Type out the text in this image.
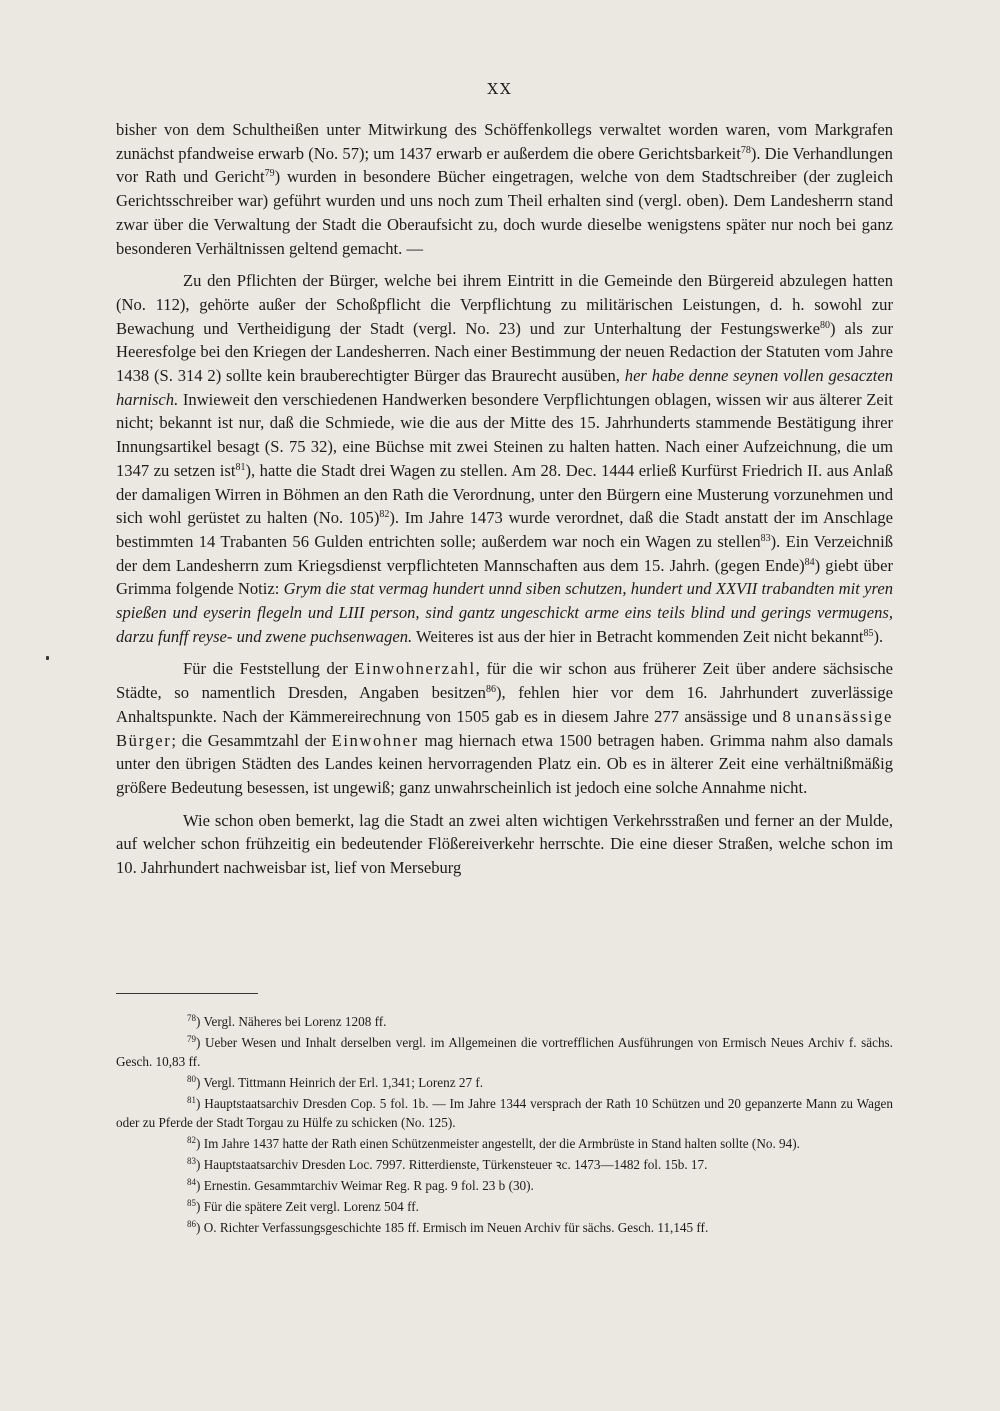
XX

bisher von dem Schultheißen unter Mitwirkung des Schöffenkollegs verwaltet worden waren, vom Markgrafen zunächst pfandweise erwarb (No. 57); um 1437 erwarb er außerdem die obere Gerichtsbarkeit$^{78}$). Die Verhandlungen vor Rath und Gericht$^{79}$) wurden in besondere Bücher eingetragen, welche von dem Stadtschreiber (der zugleich Gerichtsschreiber war) geführt wurden und uns noch zum Theil erhalten sind (vergl. oben). Dem Landesherrn stand zwar über die Verwaltung der Stadt die Oberaufsicht zu, doch wurde dieselbe wenigstens später nur noch bei ganz besonderen Verhältnissen geltend gemacht. —

Zu den Pflichten der Bürger, welche bei ihrem Eintritt in die Gemeinde den Bürgereid abzulegen hatten (No. 112), gehörte außer der Schoßpflicht die Verpflichtung zu militärischen Leistungen, d. h. sowohl zur Bewachung und Vertheidigung der Stadt (vergl. No. 23) und zur Unterhaltung der Festungswerke$^{80}$) als zur Heeresfolge bei den Kriegen der Landesherren. Nach einer Bestimmung der neuen Redaction der Statuten vom Jahre 1438 (S. 314 2) sollte kein brauberechtigter Bürger das Braurecht ausüben, her habe denne seynen vollen gesaczten harnisch. Inwieweit den verschiedenen Handwerken besondere Verpflichtungen oblagen, wissen wir aus älterer Zeit nicht; bekannt ist nur, daß die Schmiede, wie die aus der Mitte des 15. Jahrhunderts stammende Bestätigung ihrer Innungsartikel besagt (S. 75 32), eine Büchse mit zwei Steinen zu halten hatten. Nach einer Aufzeichnung, die um 1347 zu setzen ist$^{81}$), hatte die Stadt drei Wagen zu stellen. Am 28. Dec. 1444 erließ Kurfürst Friedrich II. aus Anlaß der damaligen Wirren in Böhmen an den Rath die Verordnung, unter den Bürgern eine Musterung vorzunehmen und sich wohl gerüstet zu halten (No. 105)$^{82}$). Im Jahre 1473 wurde verordnet, daß die Stadt anstatt der im Anschlage bestimmten 14 Trabanten 56 Gulden entrichten solle; außerdem war noch ein Wagen zu stellen$^{83}$). Ein Verzeichniß der dem Landesherrn zum Kriegsdienst verpflichteten Mannschaften aus dem 15. Jahrh. (gegen Ende)$^{84}$) giebt über Grimma folgende Notiz: Grym die stat vermag hundert unnd siben schutzen, hundert und XXVII trabandten mit yren spießen und eyserin flegeln und LIII person, sind gantz ungeschickt arme eins teils blind und gerings vermugens, darzu funff reyse- und zwene puchsenwagen. Weiteres ist aus der hier in Betracht kommenden Zeit nicht bekannt$^{85}$).

Für die Feststellung der Einwohnerzahl, für die wir schon aus früherer Zeit über andere sächsische Städte, so namentlich Dresden, Angaben besitzen$^{86}$), fehlen hier vor dem 16. Jahrhundert zuverlässige Anhaltspunkte. Nach der Kämmereirechnung von 1505 gab es in diesem Jahre 277 ansässige und 8 unansässige Bürger; die Gesammtzahl der Einwohner mag hiernach etwa 1500 betragen haben. Grimma nahm also damals unter den übrigen Städten des Landes keinen hervorragenden Platz ein. Ob es in älterer Zeit eine verhältnißmäßig größere Bedeutung besessen, ist ungewiß; ganz unwahrscheinlich ist jedoch eine solche Annahme nicht.

Wie schon oben bemerkt, lag die Stadt an zwei alten wichtigen Verkehrsstraßen und ferner an der Mulde, auf welcher schon frühzeitig ein bedeutender Flößereiverkehr herrschte. Die eine dieser Straßen, welche schon im 10. Jahrhundert nachweisbar ist, lief von Merseburg

$^{78}$) Vergl. Näheres bei Lorenz 1208 ff.
$^{79}$) Ueber Wesen und Inhalt derselben vergl. im Allgemeinen die vortrefflichen Ausführungen von Ermisch Neues Archiv f. sächs. Gesch. 10,83 ff.
$^{80}$) Vergl. Tittmann Heinrich der Erl. 1,341; Lorenz 27 f.
$^{81}$) Hauptstaatsarchiv Dresden Cop. 5 fol. 1b. — Im Jahre 1344 versprach der Rath 10 Schützen und 20 gepanzerte Mann zu Wagen oder zu Pferde der Stadt Torgau zu Hülfe zu schicken (No. 125).
$^{82}$) Im Jahre 1437 hatte der Rath einen Schützenmeister angestellt, der die Armbrüste in Stand halten sollte (No. 94).
$^{83}$) Hauptstaatsarchiv Dresden Loc. 7997. Ritterdienste, Türkensteuer ꝛc. 1473—1482 fol. 15b. 17.
$^{84}$) Ernestin. Gesammtarchiv Weimar Reg. R pag. 9 fol. 23 b (30).
$^{85}$) Für die spätere Zeit vergl. Lorenz 504 ff.
$^{86}$) O. Richter Verfassungsgeschichte 185 ff. Ermisch im Neuen Archiv für sächs. Gesch. 11,145 ff.
